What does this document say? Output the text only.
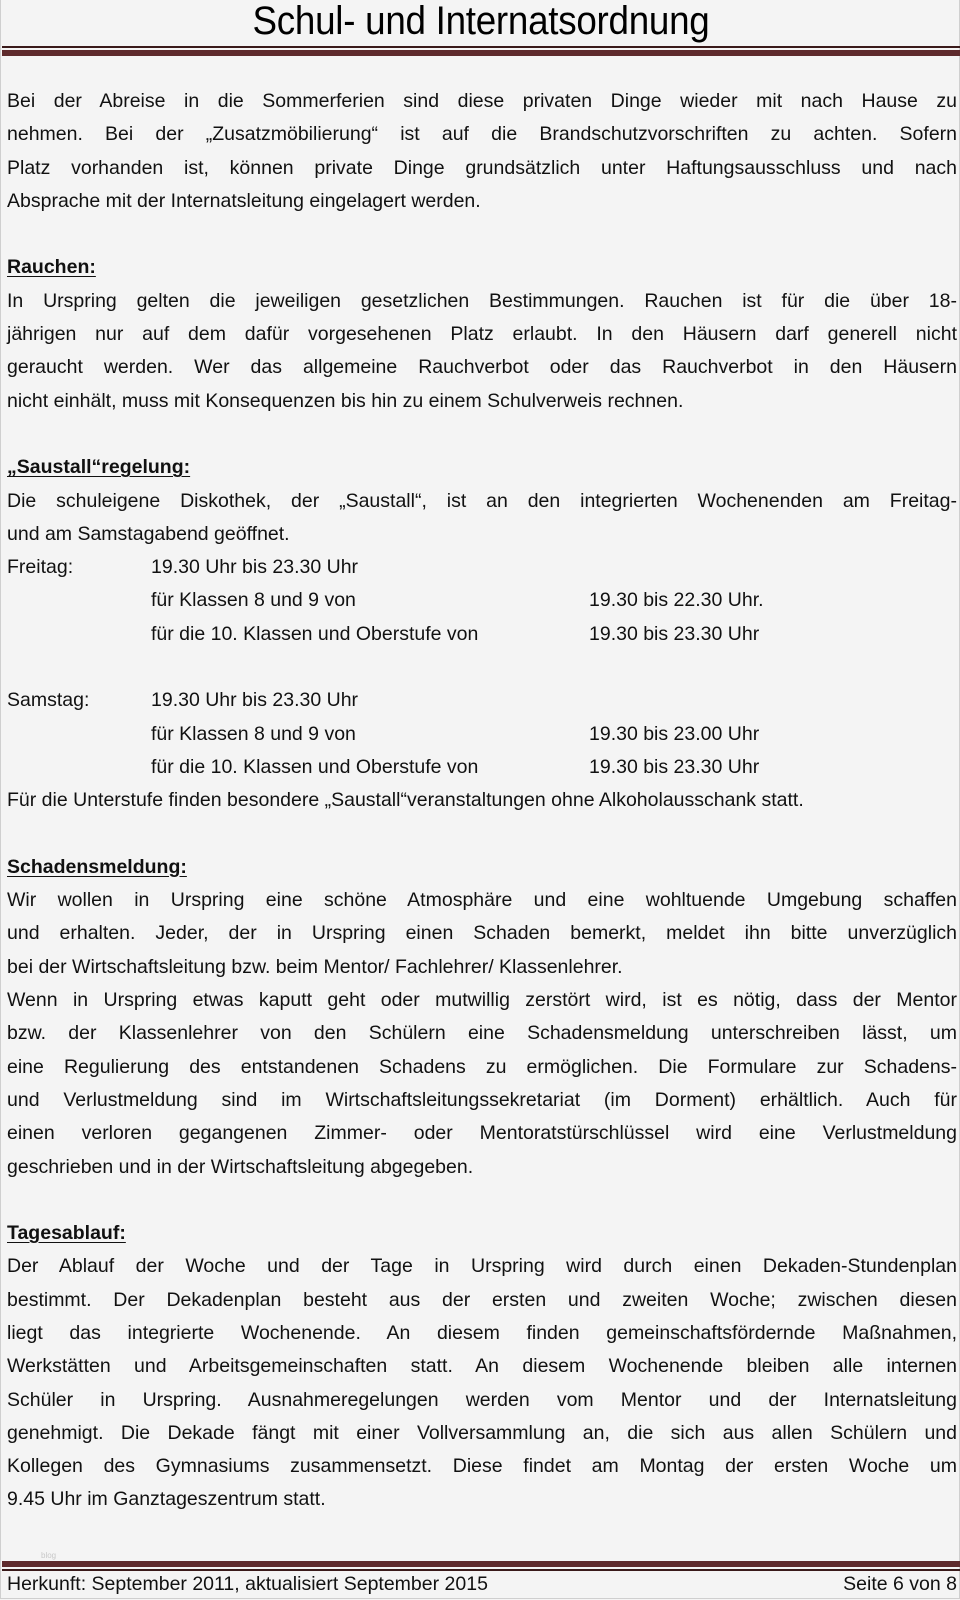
Schul- und Internatsordnung

Bei der Abreise in die Sommerferien sind diese privaten Dinge wieder mit nach Hause zu

nehmen. Bei der „Zusatzmöbilierung“ ist auf die Brandschutzvorschriften zu achten. Sofern

Platz vorhanden ist, können private Dinge grundsätzlich unter Haftungsausschluss und nach

Absprache mit der Internatsleitung eingelagert werden.

Rauchen:

In Urspring gelten die jeweiligen gesetzlichen Bestimmungen. Rauchen ist für die über 18-

jährigen nur auf dem dafür vorgesehenen Platz erlaubt. In den Häusern darf generell nicht

geraucht werden. Wer das allgemeine Rauchverbot oder das Rauchverbot in den Häusern

nicht einhält, muss mit Konsequenzen bis hin zu einem Schulverweis rechnen.

„Saustall“regelung:

Die schuleigene Diskothek, der „Saustall“, ist an den integrierten Wochenenden am Freitag-

und am Samstagabend geöffnet.

Freitag:	19.30 Uhr bis 23.30 Uhr
für Klassen 8 und 9 von	19.30 bis 22.30 Uhr.
für die 10. Klassen und Oberstufe von	19.30 bis 23.30 Uhr
Samstag:	19.30 Uhr bis 23.30 Uhr
für Klassen 8 und 9 von	19.30 bis 23.00 Uhr
für die 10. Klassen und Oberstufe von	19.30 bis 23.30 Uhr

Für die Unterstufe finden besondere „Saustall“veranstaltungen ohne Alkoholausschank statt.

Schadensmeldung:

Wir wollen in Urspring eine schöne Atmosphäre und eine wohltuende Umgebung schaffen

und erhalten. Jeder, der in Urspring einen Schaden bemerkt, meldet ihn bitte unverzüglich

bei der Wirtschaftsleitung bzw. beim Mentor/ Fachlehrer/ Klassenlehrer.

Wenn in Urspring etwas kaputt geht oder mutwillig zerstört wird, ist es nötig, dass der Mentor

bzw. der Klassenlehrer von den Schülern eine Schadensmeldung unterschreiben lässt, um

eine Regulierung des entstandenen Schadens zu ermöglichen. Die Formulare zur Schadens-

und Verlustmeldung sind im Wirtschaftsleitungssekretariat (im Dorment) erhältlich. Auch für

einen verloren gegangenen Zimmer- oder Mentoratstürschlüssel wird eine Verlustmeldung

geschrieben und in der Wirtschaftsleitung abgegeben.

Tagesablauf:

Der Ablauf der Woche und der Tage in Urspring wird durch einen Dekaden-Stundenplan

bestimmt. Der Dekadenplan besteht aus der ersten und zweiten Woche; zwischen diesen

liegt das integrierte Wochenende. An diesem finden gemeinschaftsfördernde Maßnahmen,

Werkstätten und Arbeitsgemeinschaften statt. An diesem Wochenende bleiben alle internen

Schüler in Urspring. Ausnahmeregelungen werden vom Mentor und der Internatsleitung

genehmigt. Die Dekade fängt mit einer Vollversammlung an, die sich aus allen Schülern und

Kollegen des Gymnasiums zusammensetzt. Diese findet am Montag der ersten Woche um

9.45 Uhr im Ganztageszentrum statt.

blog
Herkunft: September 2011, aktualisiert September 2015	Seite 6 von 8
